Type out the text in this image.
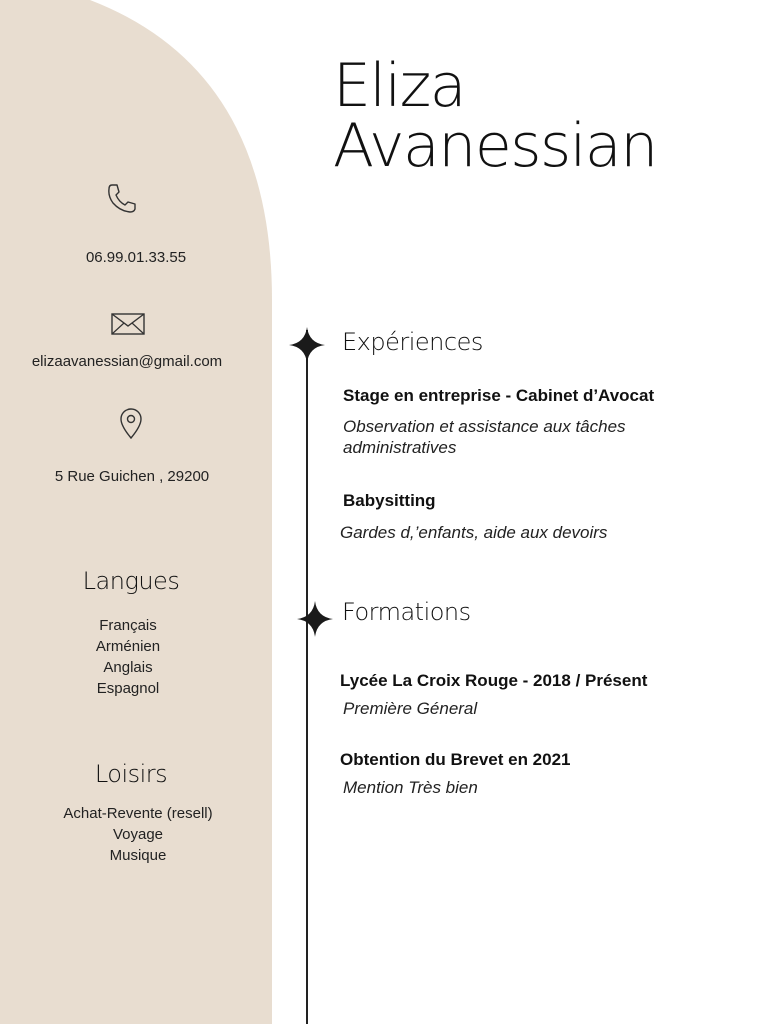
06.99.01.33.55
elizaavanessian@gmail.com
5 Rue Guichen , 29200
Langues
Français
Arménien
Anglais
Espagnol
Loisirs
Achat-Revente (resell)
Voyage
Musique
Eliza
Avanessian
Expériences
Stage en entreprise - Cabinet d’Avocat
Observation et assistance aux tâches administratives
Babysitting
Gardes d,’enfants, aide aux devoirs
Formations
Lycée La Croix Rouge - 2018 / Présent
Première Géneral
Obtention du Brevet en 2021
Mention Très bien
